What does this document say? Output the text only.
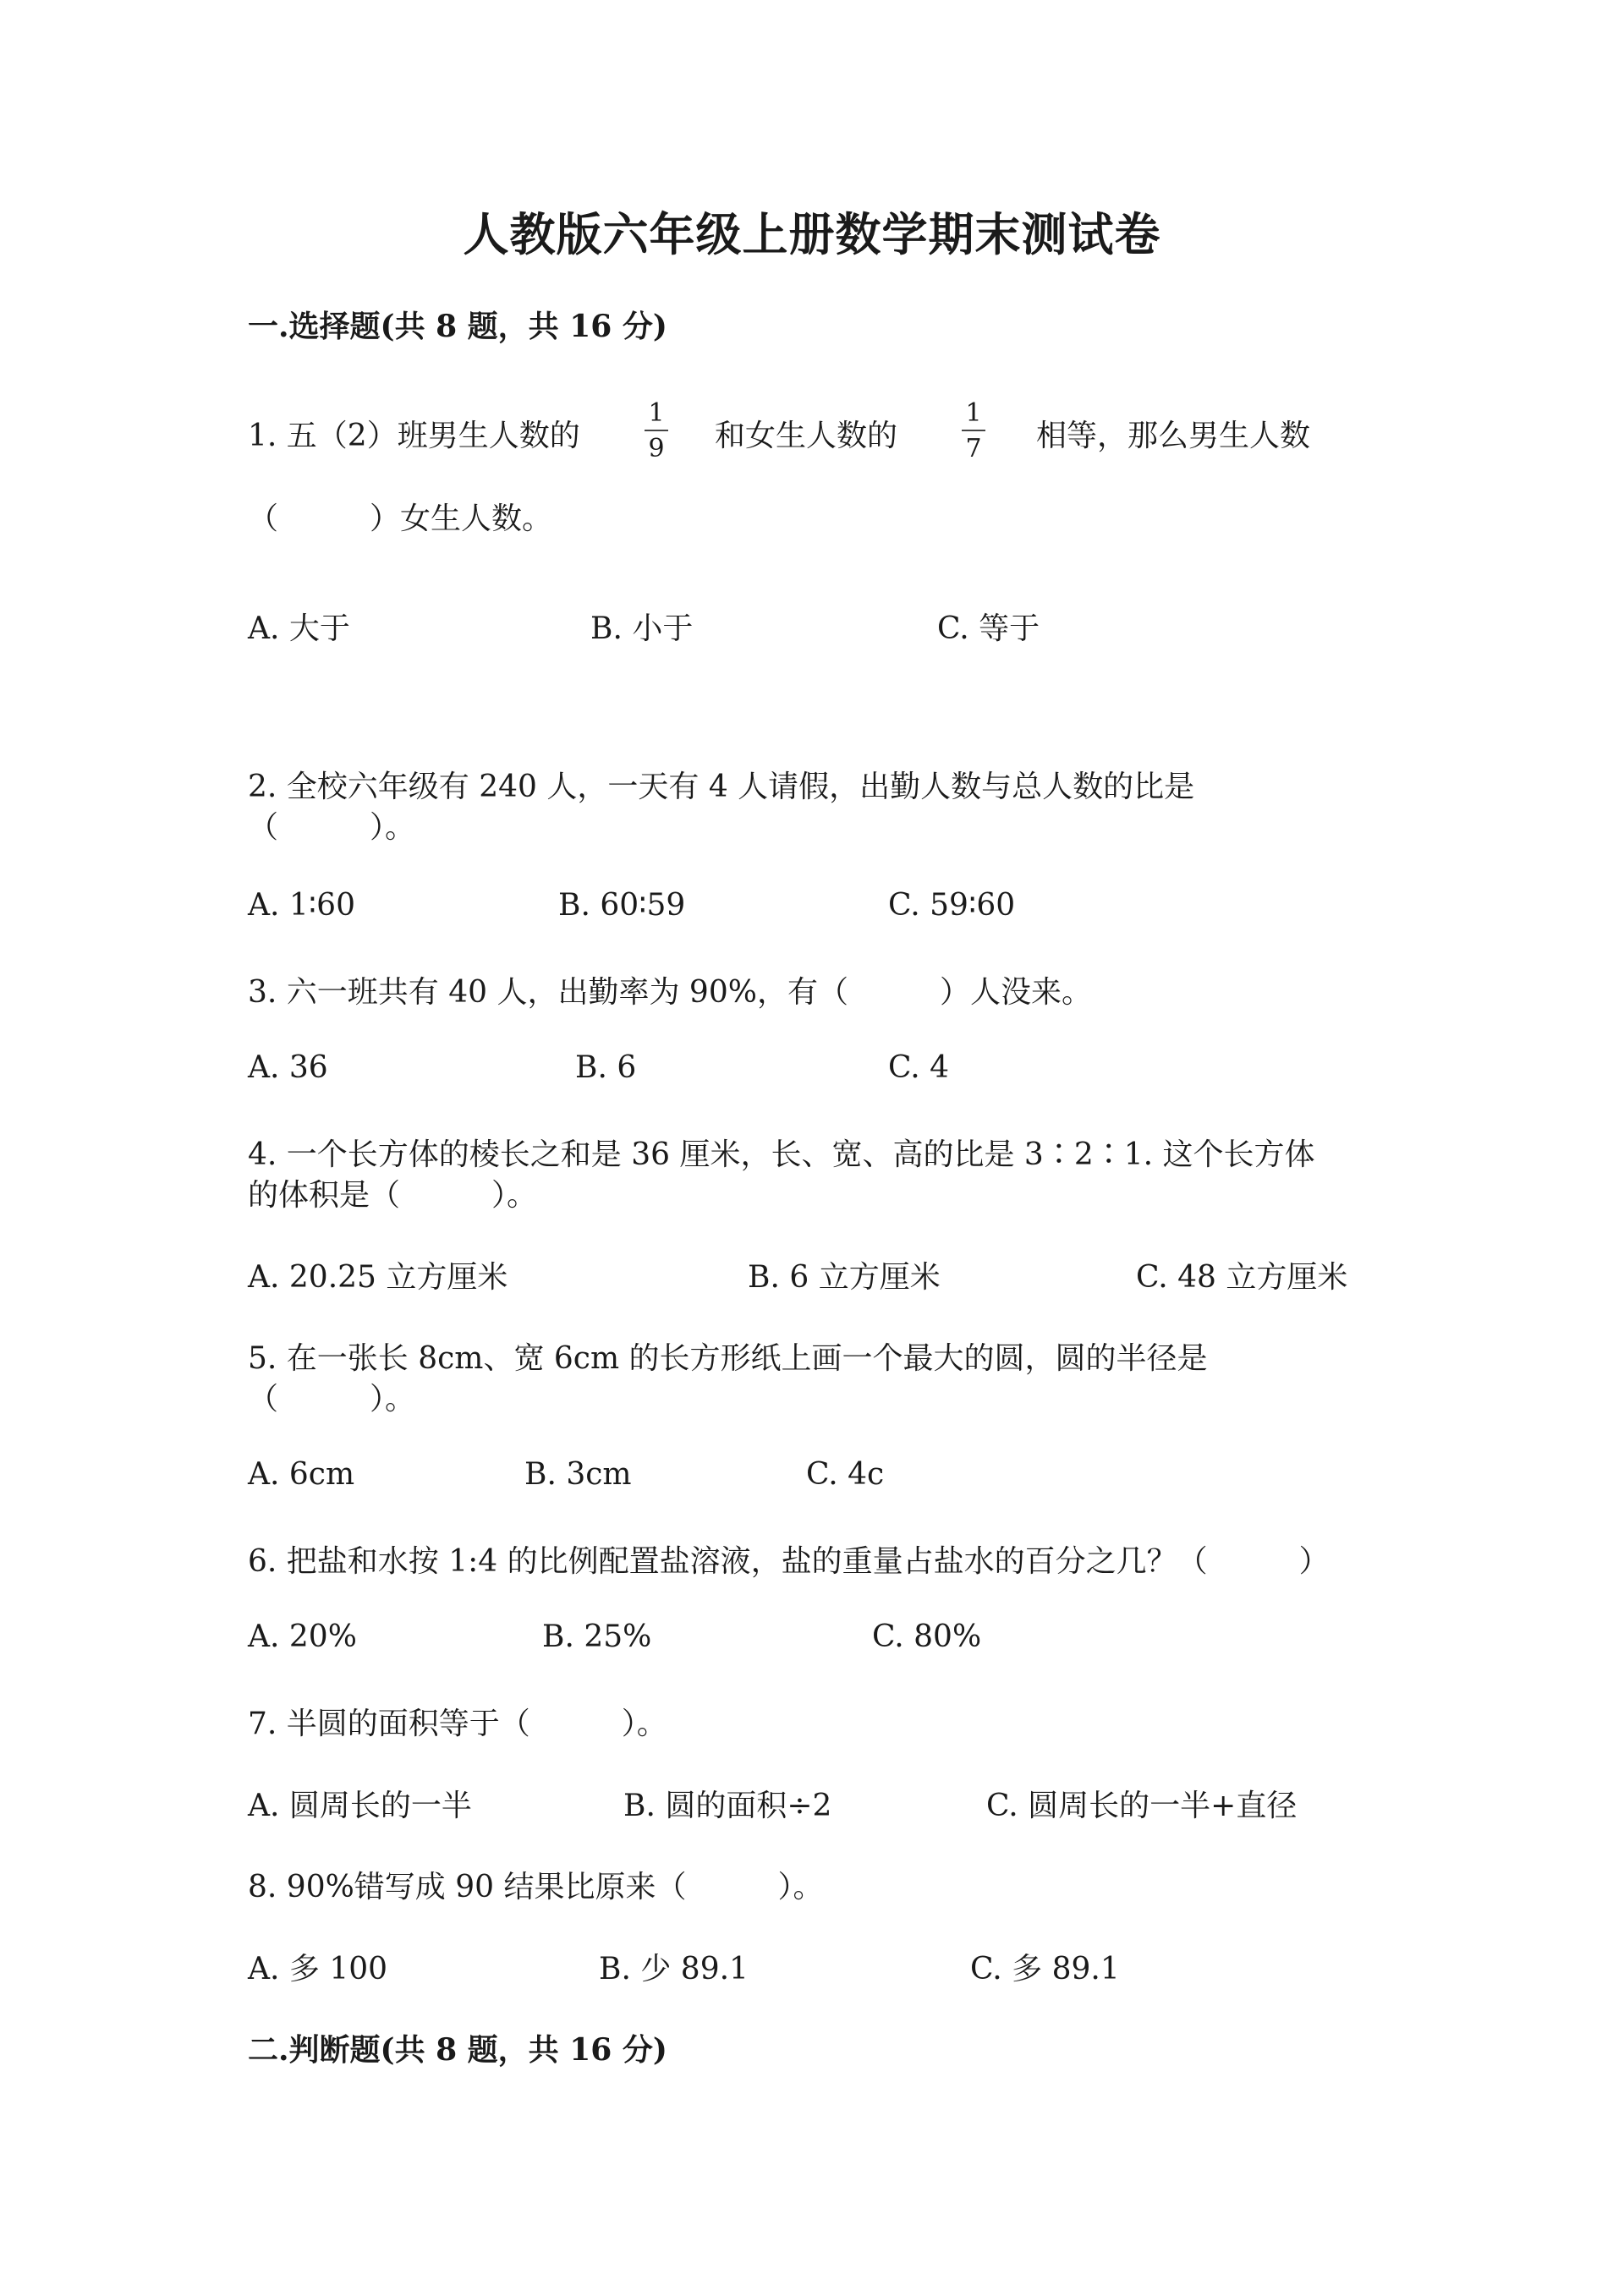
人教版六年级上册数学期末测试卷
一.选择题(共 8 题，共 16 分)
1. 五（2）班男生人数的
1
9 和女生人数的
1
7 相等，那么男生人数
（　　　）女生人数。
A. 大于	B. 小于	C. 等于
2. 全校六年级有 240 人，一天有 4 人请假，出勤人数与总人数的比是
（　　　）。
A. 1∶60	B. 60∶59	C. 59∶60
3. 六一班共有 40 人，出勤率为 90%，有（　　　）人没来。
A. 36	B. 6	C. 4
4. 一个长方体的棱长之和是 36 厘米，长、宽、高的比是 3∶2∶1. 这个长方体
的体积是（　　　）。
A. 20.25 立方厘米	B. 6 立方厘米	C. 48 立方厘米
5. 在一张长 8cm、宽 6cm 的长方形纸上画一个最大的圆，圆的半径是
（　　　）。
A. 6cm	B. 3cm	C. 4c
6. 把盐和水按 1:4 的比例配置盐溶液，盐的重量占盐水的百分之几？（　　　）
A. 20%	B. 25%	C. 80%
7. 半圆的面积等于（　　　）。
A. 圆周长的一半	B. 圆的面积÷2	C. 圆周长的一半+直径
8. 90%错写成 90 结果比原来（　　　）。
A. 多 100	B. 少 89.1	C. 多 89.1
二.判断题(共 8 题，共 16 分)
